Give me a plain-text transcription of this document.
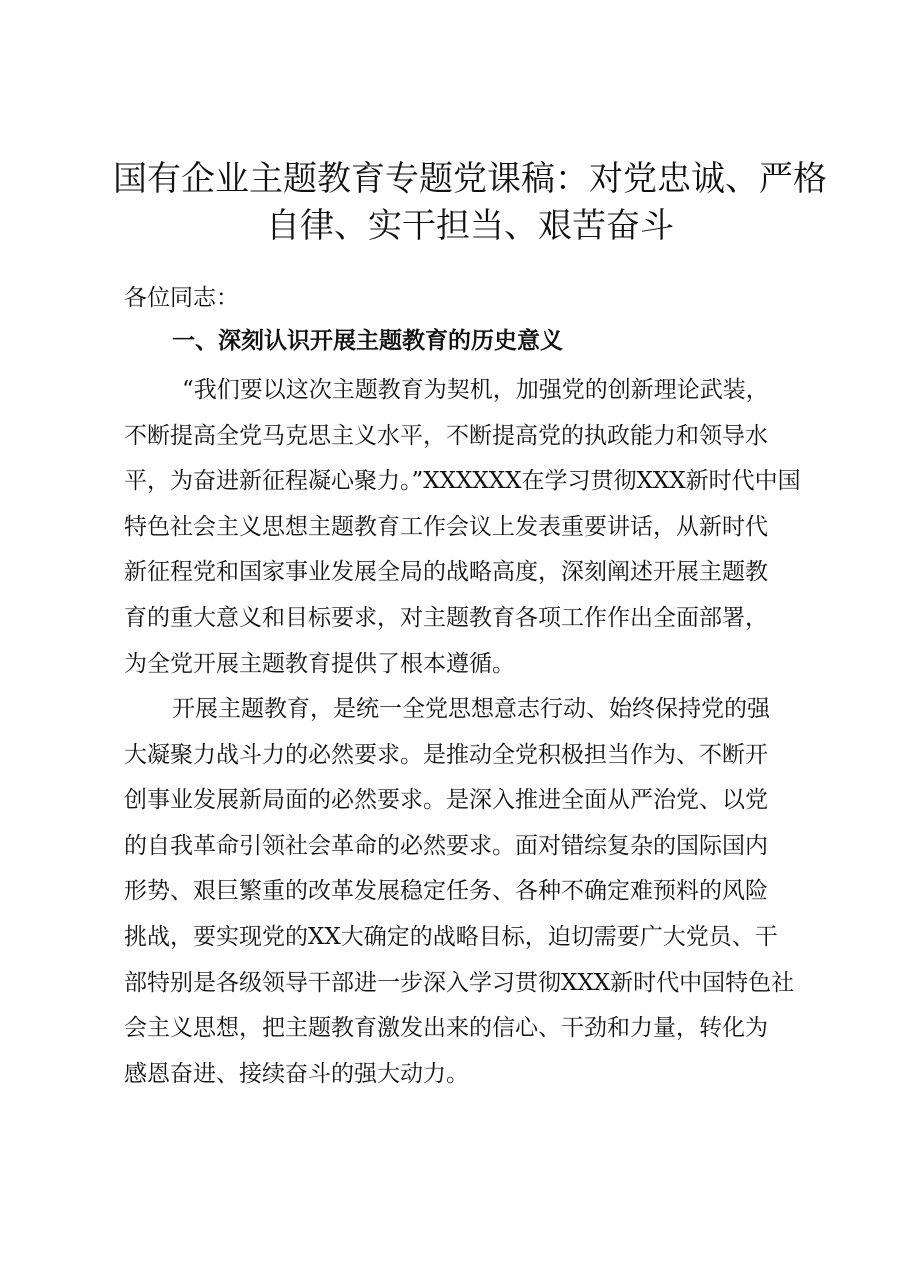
国有企业主题教育专题党课稿：对党忠诚、严格
自律、实干担当、艰苦奋斗
各位同志：
一、深刻认识开展主题教育的历史意义
“我们要以这次主题教育为契机，加强党的创新理论武装，
不断提高全党马克思主义水平，不断提高党的执政能力和领导水
平，为奋进新征程凝心聚力。”XXXXXX在学习贯彻XXX新时代中国
特色社会主义思想主题教育工作会议上发表重要讲话，从新时代
新征程党和国家事业发展全局的战略高度，深刻阐述开展主题教
育的重大意义和目标要求，对主题教育各项工作作出全面部署，
为全党开展主题教育提供了根本遵循。
开展主题教育，是统一全党思想意志行动、始终保持党的强
大凝聚力战斗力的必然要求。是推动全党积极担当作为、不断开
创事业发展新局面的必然要求。是深入推进全面从严治党、以党
的自我革命引领社会革命的必然要求。面对错综复杂的国际国内
形势、艰巨繁重的改革发展稳定任务、各种不确定难预料的风险
挑战，要实现党的XX大确定的战略目标，迫切需要广大党员、干
部特别是各级领导干部进一步深入学习贯彻XXX新时代中国特色社
会主义思想，把主题教育激发出来的信心、干劲和力量，转化为
感恩奋进、接续奋斗的强大动力。
